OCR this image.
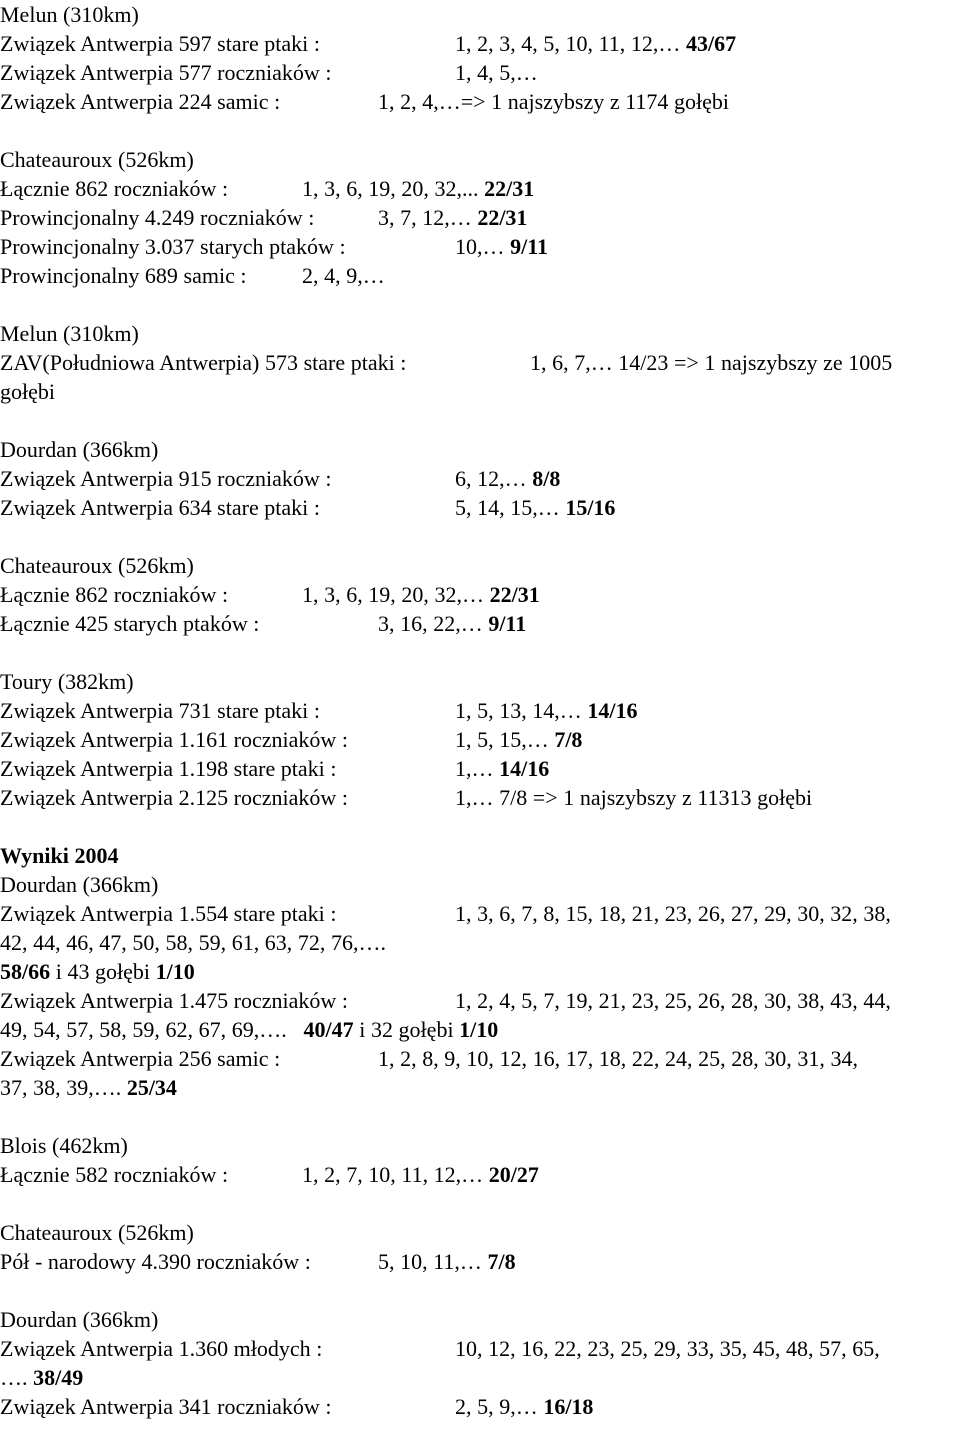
Melun (310km)
Związek Antwerpia 597 stare ptaki :	1, 2, 3, 4, 5, 10, 11, 12,… 43/67
Związek Antwerpia 577 roczniaków :	1, 4, 5,…
Związek Antwerpia 224 samic :	1, 2, 4,…=> 1 najszybszy z 1174 gołębi
Chateauroux (526km)
Łącznie 862 roczniaków :	1, 3, 6, 19, 20, 32,... 22/31
Prowincjonalny 4.249 roczniaków :	3, 7, 12,… 22/31
Prowincjonalny 3.037 starych ptaków :	10,… 9/11
Prowincjonalny 689 samic :	2, 4, 9,…
Melun (310km)
ZAV(Południowa Antwerpia) 573 stare ptaki :	1, 6, 7,… 14/23 => 1 najszybszy ze 1005
gołębi
Dourdan (366km)
Związek Antwerpia 915 roczniaków :	6, 12,… 8/8
Związek Antwerpia 634 stare ptaki :	5, 14, 15,… 15/16
Chateauroux (526km)
Łącznie 862 roczniaków :	1, 3, 6, 19, 20, 32,… 22/31
Łącznie 425 starych ptaków :	3, 16, 22,… 9/11
Toury (382km)
Związek Antwerpia 731 stare ptaki :	1, 5, 13, 14,… 14/16
Związek Antwerpia 1.161 roczniaków :	1, 5, 15,… 7/8
Związek Antwerpia 1.198 stare ptaki :	1,… 14/16
Związek Antwerpia 2.125 roczniaków :	1,… 7/8 => 1 najszybszy z 11313 gołębi
Wyniki 2004
Dourdan (366km)
Związek Antwerpia 1.554 stare ptaki :	1, 3, 6, 7, 8, 15, 18, 21, 23, 26, 27, 29, 30, 32, 38,
42, 44, 46, 47, 50, 58, 59, 61, 63, 72, 76,….
58/66 i 43 gołębi 1/10
Związek Antwerpia 1.475 roczniaków :	1, 2, 4, 5, 7, 19, 21, 23, 25, 26, 28, 30, 38, 43, 44,
49, 54, 57, 58, 59, 62, 67, 69,…. 40/47 i 32 gołębi 1/10
Związek Antwerpia 256 samic :	1, 2, 8, 9, 10, 12, 16, 17, 18, 22, 24, 25, 28, 30, 31, 34,
37, 38, 39,…. 25/34
Blois (462km)
Łącznie 582 roczniaków :	1, 2, 7, 10, 11, 12,… 20/27
Chateauroux (526km)
Pół - narodowy 4.390 roczniaków :	5, 10, 11,… 7/8
Dourdan (366km)
Związek Antwerpia 1.360 młodych :	10, 12, 16, 22, 23, 25, 29, 33, 35, 45, 48, 57, 65,
…. 38/49
Związek Antwerpia 341 roczniaków :	2, 5, 9,… 16/18
